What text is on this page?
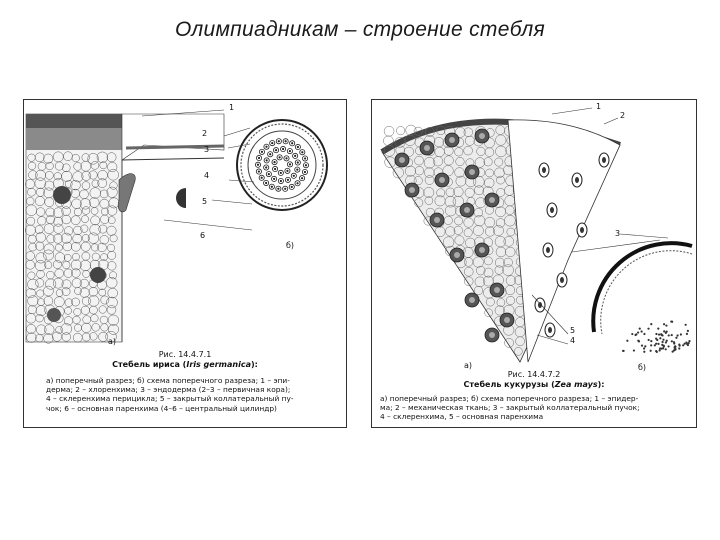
Олимпиадникам – строение стебля
а)
б)
1
2
3
4
5
6
Рис. 14.4.7.1
Стебель ириса (Iris germanica):
а) поперечный разрез; б) схема поперечного разреза; 1 – эпи-
дерма; 2 – хлоренхима; 3 – эндодерма (2–3 – первичная кора);
4 – склеренхима перицикла; 5 – закрытый коллатеральный пу-
чок; 6 – основная паренхима (4–6 – центральный цилиндр)
а)	б)
1
2
3
4
5
Рис. 14.4.7.2
Стебель кукурузы (Zea mays):
а) поперечный разрез; б) схема поперечного разреза; 1 – эпидер-
ма; 2 – механическая ткань; 3 – закрытый коллатеральный пучок;
4 – склеренхима, 5 – основная паренхима
